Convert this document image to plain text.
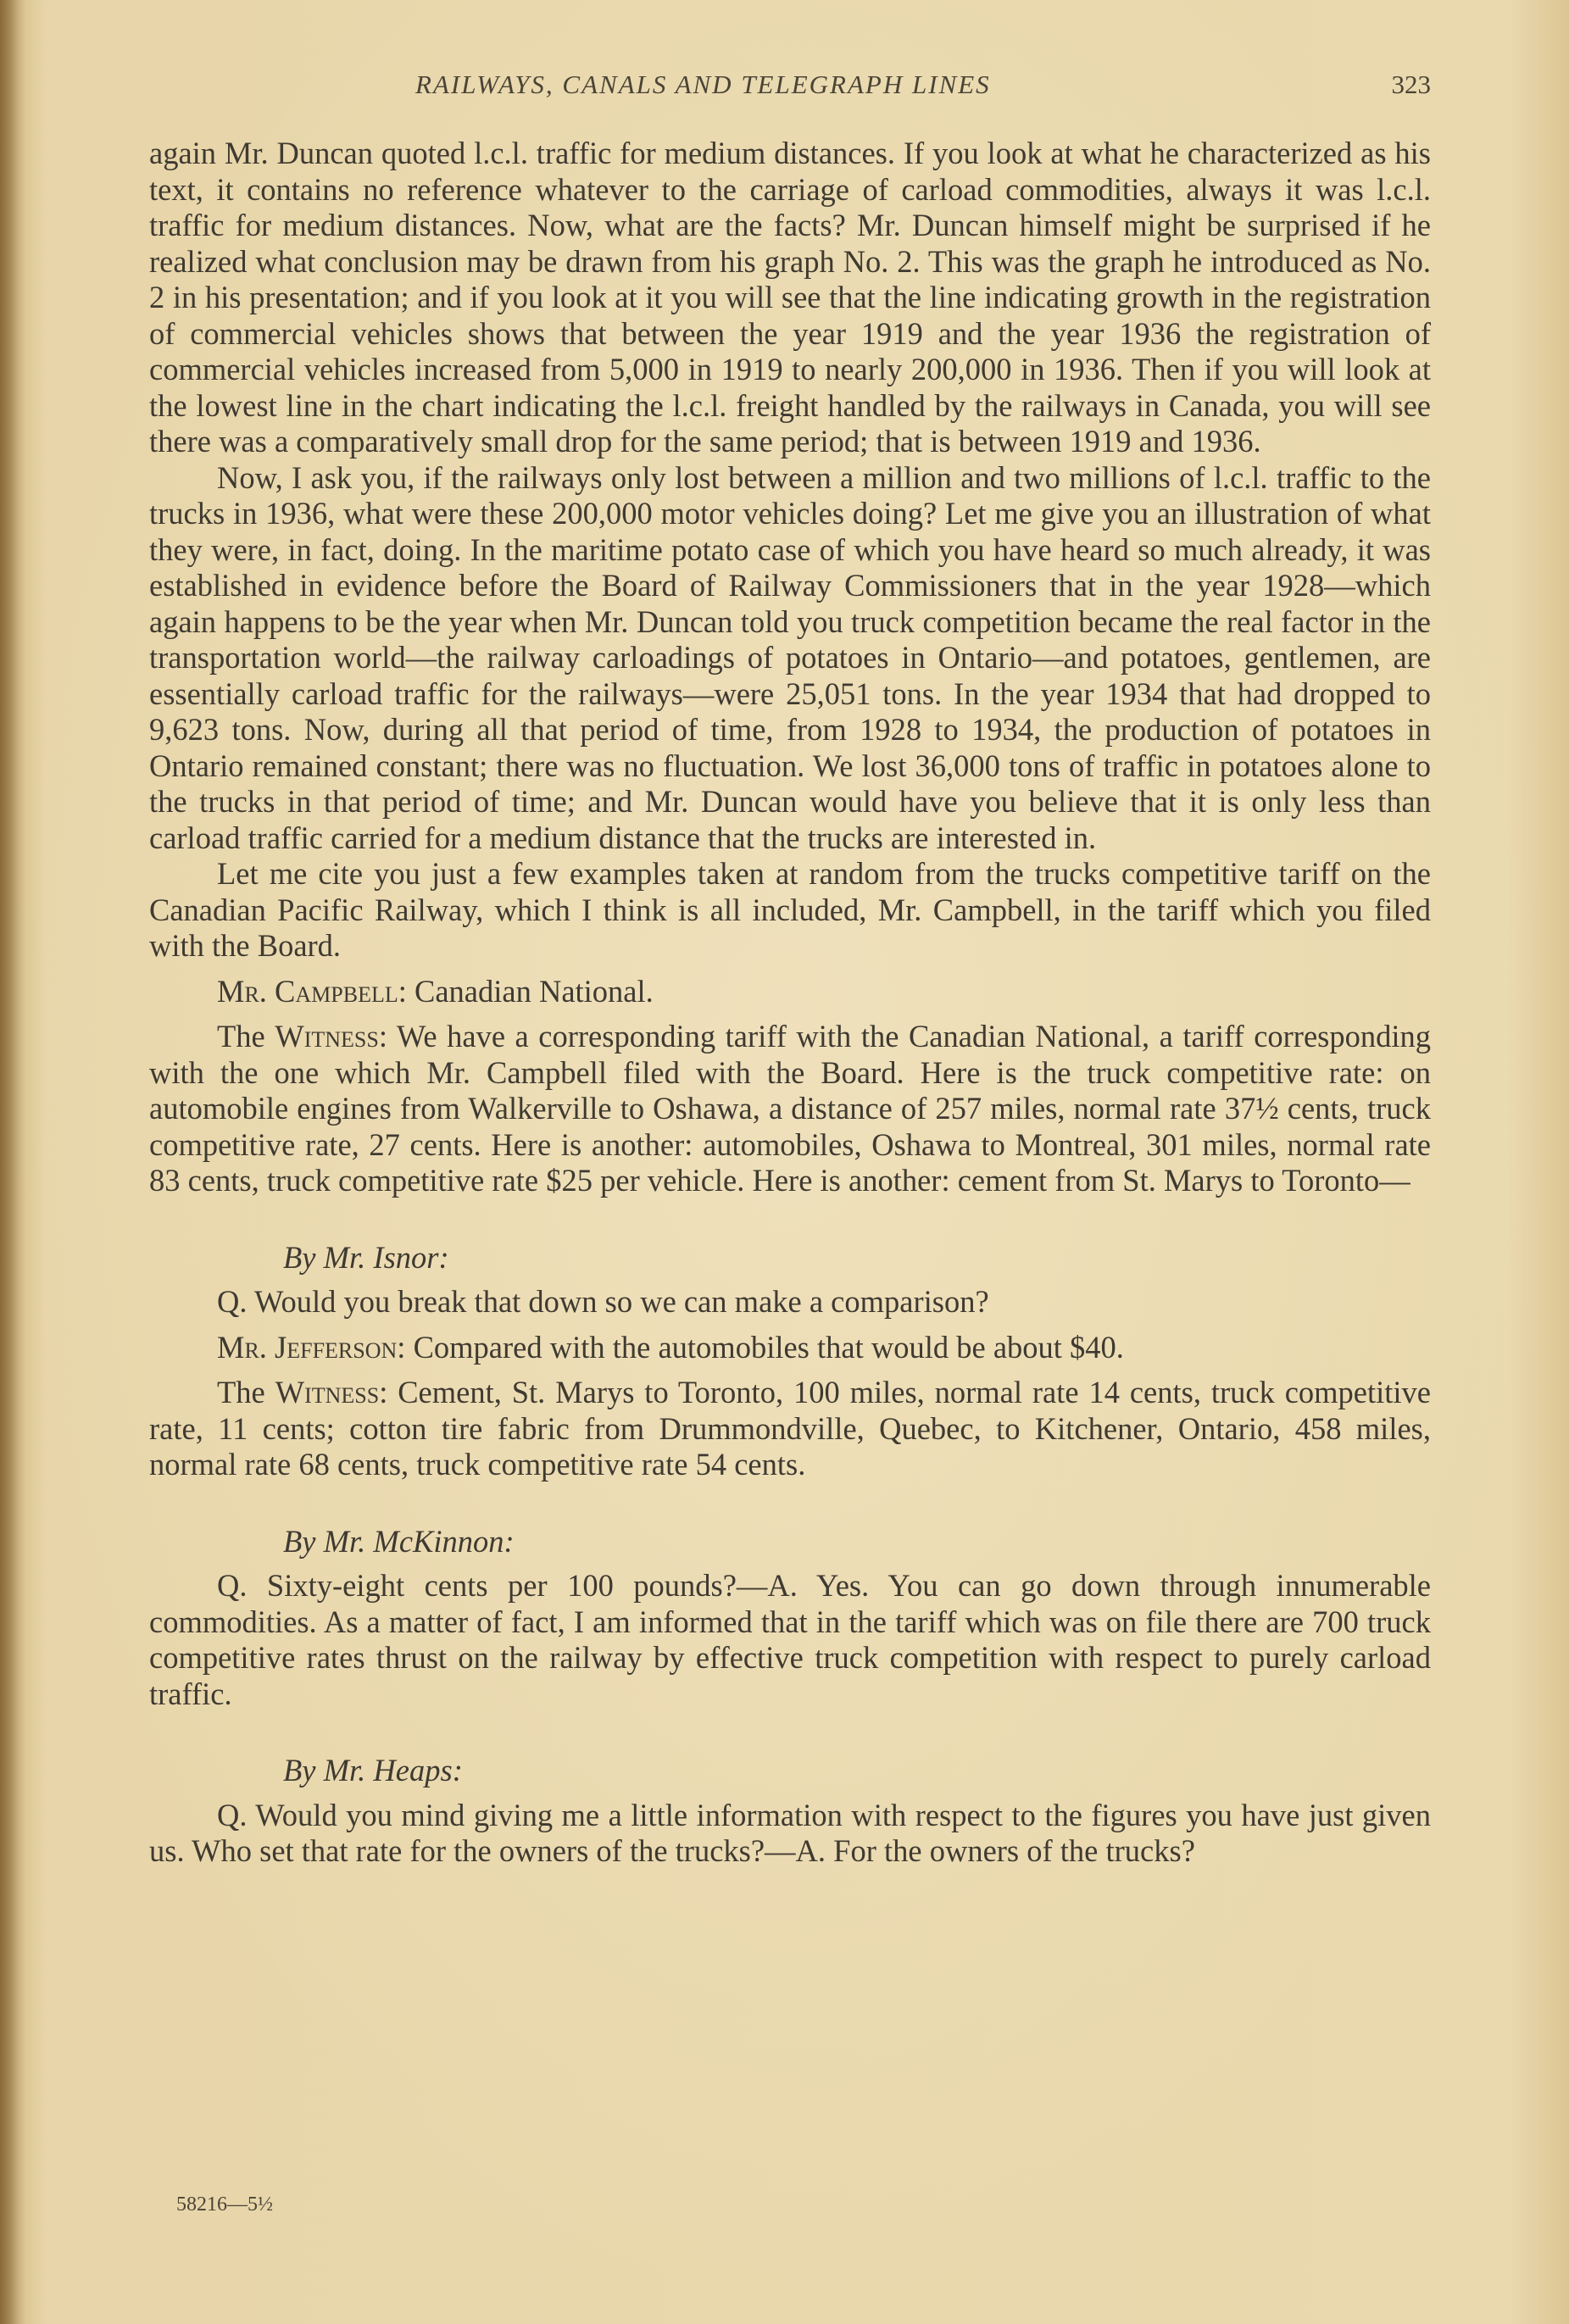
RAILWAYS, CANALS AND TELEGRAPH LINES	323

again Mr. Duncan quoted l.c.l. traffic for medium distances. If you look at what he characterized as his text, it contains no reference whatever to the carriage of carload commodities, always it was l.c.l. traffic for medium distances. Now, what are the facts? Mr. Duncan himself might be surprised if he realized what conclusion may be drawn from his graph No. 2. This was the graph he introduced as No. 2 in his presentation; and if you look at it you will see that the line indicating growth in the registration of commercial vehicles shows that between the year 1919 and the year 1936 the registration of commercial vehicles increased from 5,000 in 1919 to nearly 200,000 in 1936. Then if you will look at the lowest line in the chart indicating the l.c.l. freight handled by the railways in Canada, you will see there was a comparatively small drop for the same period; that is between 1919 and 1936.

Now, I ask you, if the railways only lost between a million and two millions of l.c.l. traffic to the trucks in 1936, what were these 200,000 motor vehicles doing? Let me give you an illustration of what they were, in fact, doing. In the maritime potato case of which you have heard so much already, it was established in evidence before the Board of Railway Commissioners that in the year 1928—which again happens to be the year when Mr. Duncan told you truck competition became the real factor in the transportation world—the railway carloadings of potatoes in Ontario—and potatoes, gentlemen, are essentially carload traffic for the railways—were 25,051 tons. In the year 1934 that had dropped to 9,623 tons. Now, during all that period of time, from 1928 to 1934, the production of potatoes in Ontario remained constant; there was no fluctuation. We lost 36,000 tons of traffic in potatoes alone to the trucks in that period of time; and Mr. Duncan would have you believe that it is only less than carload traffic carried for a medium distance that the trucks are interested in.

Let me cite you just a few examples taken at random from the trucks competitive tariff on the Canadian Pacific Railway, which I think is all included, Mr. Campbell, in the tariff which you filed with the Board.

Mr. Campbell: Canadian National.

The Witness: We have a corresponding tariff with the Canadian National, a tariff corresponding with the one which Mr. Campbell filed with the Board. Here is the truck competitive rate: on automobile engines from Walkerville to Oshawa, a distance of 257 miles, normal rate 37½ cents, truck competitive rate, 27 cents. Here is another: automobiles, Oshawa to Montreal, 301 miles, normal rate 83 cents, truck competitive rate $25 per vehicle. Here is another: cement from St. Marys to Toronto—

By Mr. Isnor:

Q. Would you break that down so we can make a comparison?

Mr. Jefferson: Compared with the automobiles that would be about $40.

The Witness: Cement, St. Marys to Toronto, 100 miles, normal rate 14 cents, truck competitive rate, 11 cents; cotton tire fabric from Drummondville, Quebec, to Kitchener, Ontario, 458 miles, normal rate 68 cents, truck competitive rate 54 cents.

By Mr. McKinnon:

Q. Sixty-eight cents per 100 pounds?—A. Yes. You can go down through innumerable commodities. As a matter of fact, I am informed that in the tariff which was on file there are 700 truck competitive rates thrust on the railway by effective truck competition with respect to purely carload traffic.

By Mr. Heaps:

Q. Would you mind giving me a little information with respect to the figures you have just given us. Who set that rate for the owners of the trucks?—A. For the owners of the trucks?

58216—5½
